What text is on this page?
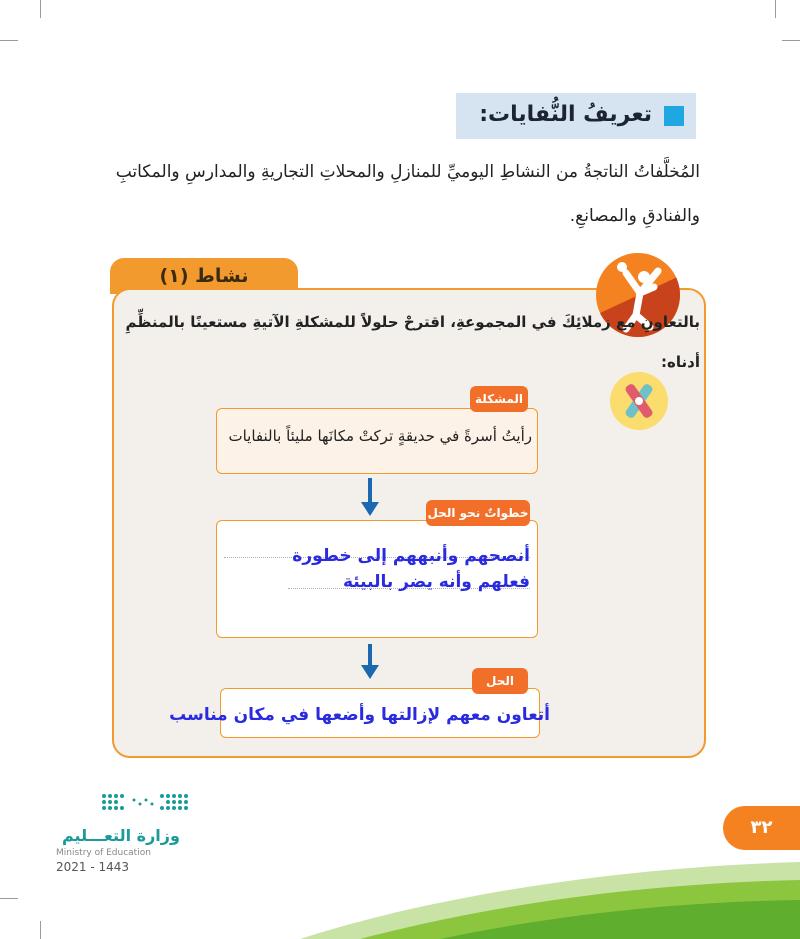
تعريفُ النُّفايات:
المُخلَّفاتُ الناتجةُ من النشاطِ اليوميِّ للمنازلِ والمحلاتِ التجاريةِ والمدارسِ والمكاتبِ والفنادقِ والمصانعِ.
نشاط (١)
بالتعاونِ مع زملائِكَ في المجموعةِ، اقترحْ حلولاً للمشكلةِ الآتيةِ مستعينًا بالمنظِّمِ أدناه:
المشكلة
رأيتُ أسرةً في حديقةٍ تركتْ مكانَها مليئاً بالنفايات
خطواتٌ نحو الحل
أنصحهم وأنبههم إلى خطورة
فعلهم وأنه يضر بالبيئة
الحل
أتعاون معهم لإزالتها وأضعها في مكان مناسب
وزارة التعـــليم
Ministry of Education
2021 - 1443
٣٢
